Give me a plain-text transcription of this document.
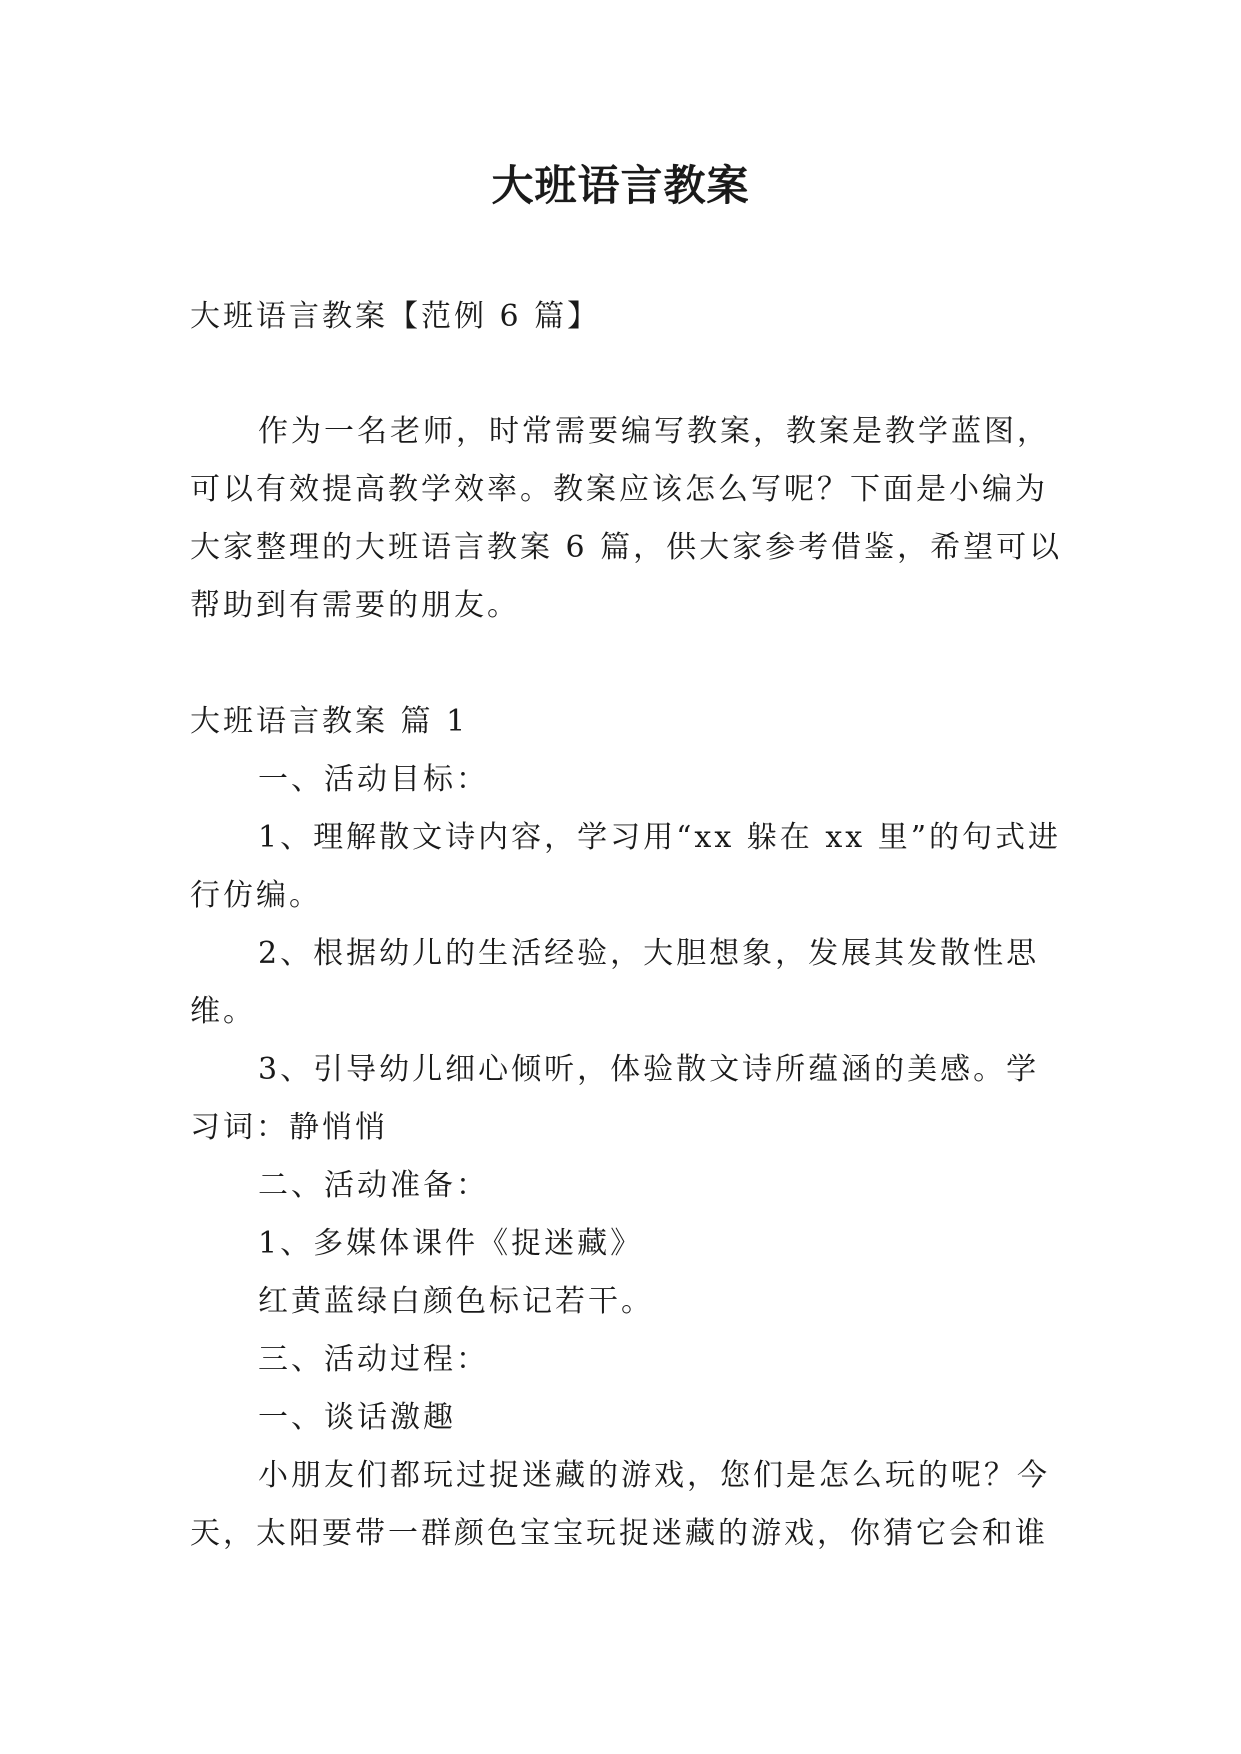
大班语言教案
大班语言教案【范例 6 篇】
作为一名老师，时常需要编写教案，教案是教学蓝图，
可以有效提高教学效率。教案应该怎么写呢？下面是小编为
大家整理的大班语言教案 6 篇，供大家参考借鉴，希望可以
帮助到有需要的朋友。
大班语言教案 篇 1
一、活动目标：
1、理解散文诗内容，学习用“xx 躲在 xx 里”的句式进
行仿编。
2、根据幼儿的生活经验，大胆想象，发展其发散性思
维。
3、引导幼儿细心倾听，体验散文诗所蕴涵的美感。学
习词：静悄悄
二、活动准备：
1、多媒体课件《捉迷藏》
红黄蓝绿白颜色标记若干。
三、活动过程：
一、谈话激趣
小朋友们都玩过捉迷藏的游戏，您们是怎么玩的呢？今
天，太阳要带一群颜色宝宝玩捉迷藏的游戏，你猜它会和谁
